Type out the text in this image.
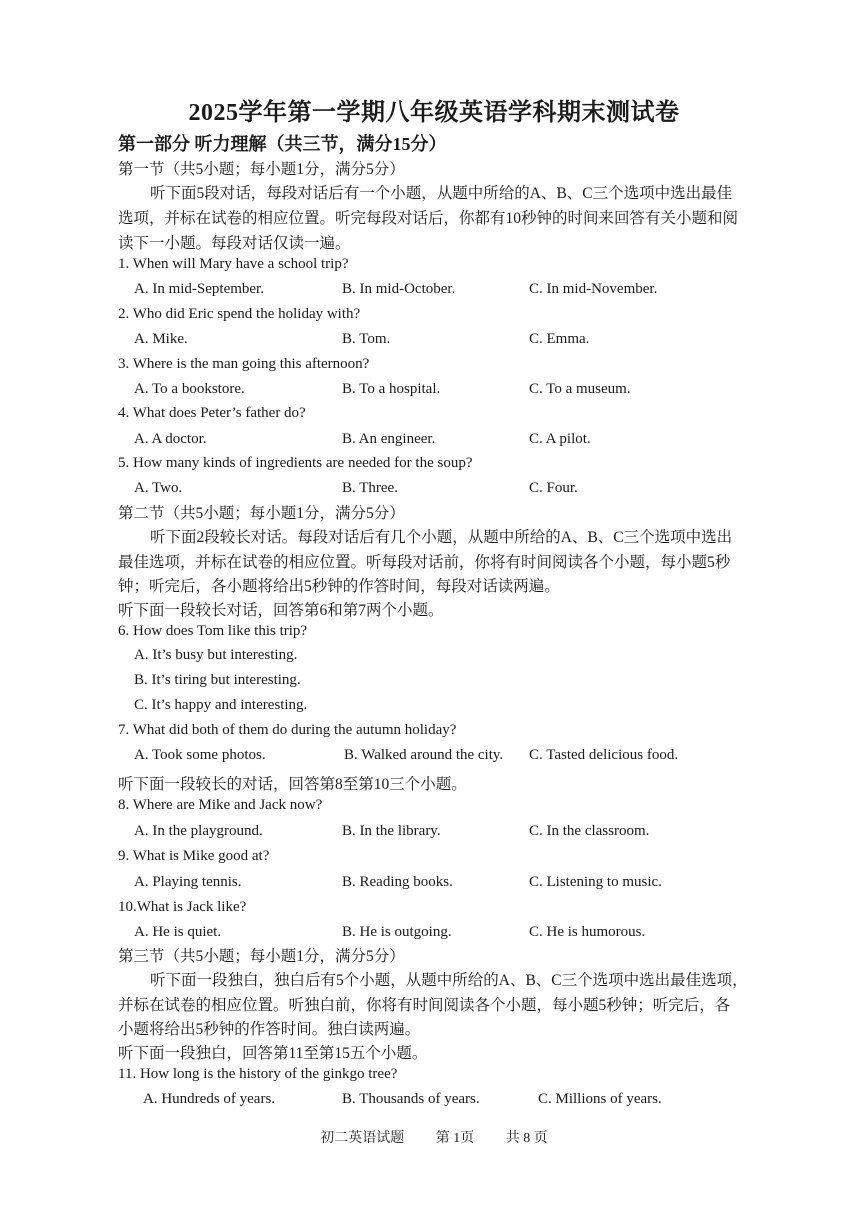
2025学年第一学期八年级英语学科期末测试卷
第一部分 听力理解（共三节，满分15分）
第一节（共5小题；每小题1分，满分5分）
听下面5段对话，每段对话后有一个小题，从题中所给的A、B、C三个选项中选出最佳
选项，并标在试卷的相应位置。听完每段对话后，你都有10秒钟的时间来回答有关小题和阅
读下一小题。每段对话仅读一遍。
1. When will Mary have a school trip?
A. In mid-September.	B. In mid-October.	C. In mid-November.
2. Who did Eric spend the holiday with?
A. Mike.	B. Tom.	C. Emma.
3. Where is the man going this afternoon?
A. To a bookstore.	B. To a hospital.	C. To a museum.
4. What does Peter’s father do?
A. A doctor.	B. An engineer.	C. A pilot.
5. How many kinds of ingredients are needed for the soup?
A. Two.	B. Three.	C. Four.
第二节（共5小题；每小题1分，满分5分）
听下面2段较长对话。每段对话后有几个小题，从题中所给的A、B、C三个选项中选出
最佳选项，并标在试卷的相应位置。听每段对话前，你将有时间阅读各个小题，每小题5秒
钟；听完后，各小题将给出5秒钟的作答时间，每段对话读两遍。
听下面一段较长对话，回答第6和第7两个小题。
6. How does Tom like this trip?
A. It’s busy but interesting.
B. It’s tiring but interesting.
C. It’s happy and interesting.
7. What did both of them do during the autumn holiday?
A. Took some photos.	B. Walked around the city. C. Tasted delicious food.
听下面一段较长的对话，回答第8至第10三个小题。
8. Where are Mike and Jack now?
A. In the playground.	B. In the library.	C. In the classroom.
9. What is Mike good at?
A. Playing tennis.	B. Reading books.	C. Listening to music.
10.What is Jack like?
A. He is quiet.	B. He is outgoing.	C. He is humorous.
第三节（共5小题；每小题1分，满分5分）
听下面一段独白，独白后有5个小题，从题中所给的A、B、C三个选项中选出最佳选项，
并标在试卷的相应位置。听独白前，你将有时间阅读各个小题，每小题5秒钟；听完后，各
小题将给出5秒钟的作答时间。独白读两遍。
听下面一段独白，回答第11至第15五个小题。
11. How long is the history of the ginkgo tree?
A. Hundreds of years.	B. Thousands of years.	C. Millions of years.
初二英语试题 第 1页 共 8 页
